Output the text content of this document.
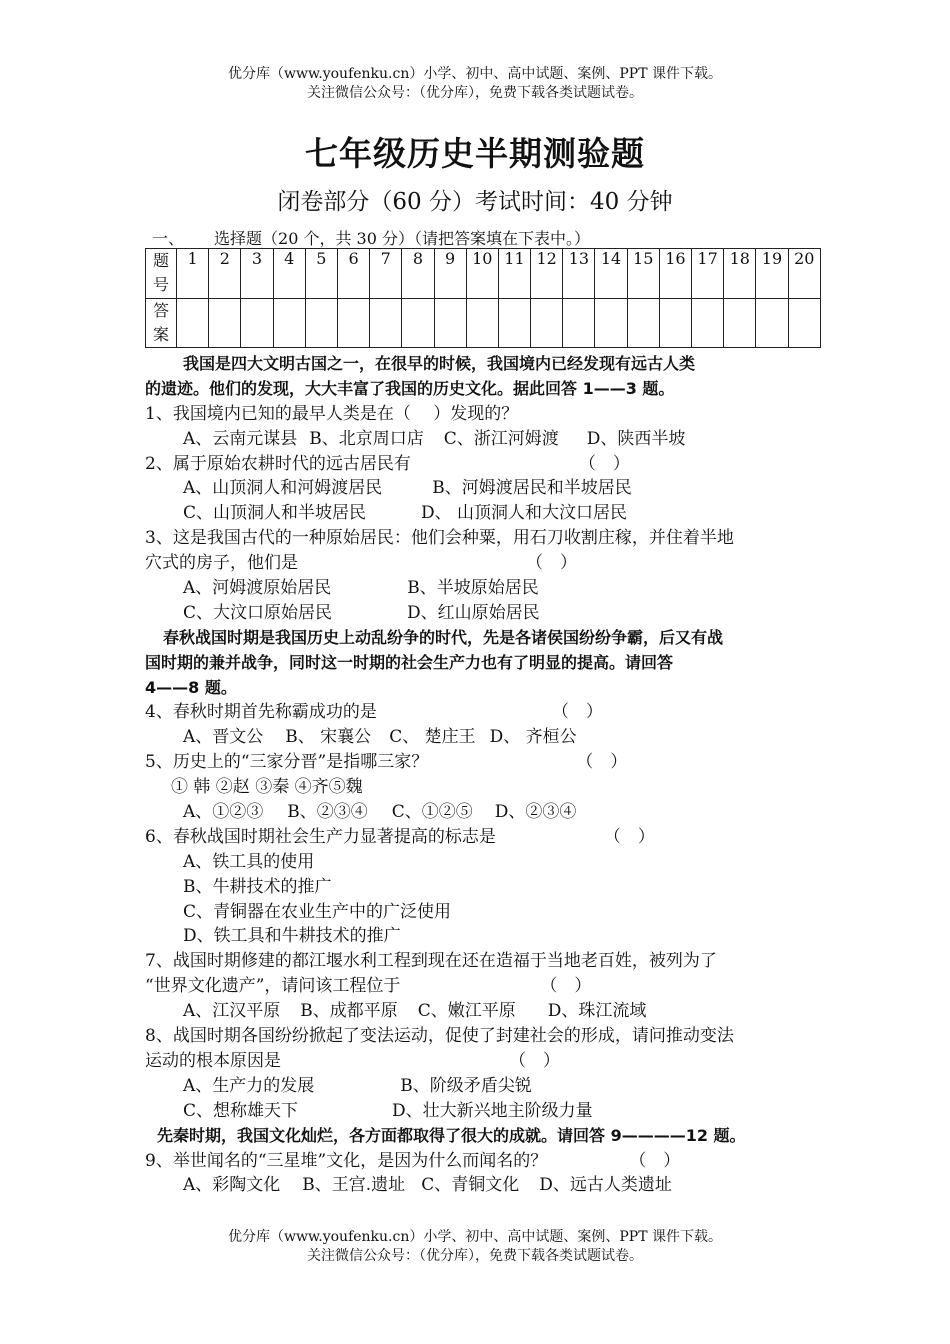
优分库（www.youfenku.cn）小学、初中、高中试题、案例、PPT 课件下载。
关注微信公众号：（优分库），免费下载各类试题试卷。
七年级历史半期测验题
闭卷部分（60 分）考试时间：40 分钟
一、 选择题（20 个，共 30 分）（请把答案填在下表中。）
题
号	1	2	3	4	5	6	7	8	9	10	11	12	13	14	15	16	17	18	19	20

答
案																				

我国是四大文明古国之一，在很早的时候，我国境内已经发现有远古人类
的遗迹。他们的发现，大大丰富了我国的历史文化。据此回答 1——3 题。
1、我国境内已知的最早人类是在（　 ）发现的？
A、云南元谋县 B、北京周口店 C、浙江河姆渡 D、陕西半坡
2、属于原始农耕时代的远古居民有	（　）
A、山顶洞人和河姆渡居民	B、河姆渡居民和半坡居民
C、山顶洞人和半坡居民	D、 山顶洞人和大汶口居民
3、这是我国古代的一种原始居民：他们会种粟，用石刀收割庄稼，并住着半地
穴式的房子，他们是	（　）
A、河姆渡原始居民	B、半坡原始居民
C、大汶口原始居民	D、红山原始居民
春秋战国时期是我国历史上动乱纷争的时代，先是各诸侯国纷纷争霸，后又有战
国时期的兼并战争，同时这一时期的社会生产力也有了明显的提高。请回答
4——8 题。
4、春秋时期首先称霸成功的是	（　）
A、晋文公 B、 宋襄公 C、 楚庄王 D、 齐桓公
5、历史上的“三家分晋”是指哪三家？	（　）
① 韩 ②赵 ③秦 ④齐⑤魏
A、①②③ B、②③④ C、①②⑤ D、②③④
6、春秋战国时期社会生产力显著提高的标志是	（　）
A、铁工具的使用
B、牛耕技术的推广
C、青铜器在农业生产中的广泛使用
D、铁工具和牛耕技术的推广
7、战国时期修建的都江堰水利工程到现在还在造福于当地老百姓，被列为了
“世界文化遗产”，请问该工程位于	（　）
A、江汉平原 B、成都平原 C、嫩江平原 D、珠江流域
8、战国时期各国纷纷掀起了变法运动，促使了封建社会的形成，请问推动变法
运动的根本原因是	（　）
A、生产力的发展	B、阶级矛盾尖锐
C、想称雄天下	D、壮大新兴地主阶级力量
先秦时期，我国文化灿烂，各方面都取得了很大的成就。请回答 9————12 题。
9、举世闻名的“三星堆”文化，是因为什么而闻名的？	（　）
A、彩陶文化 B、王宫.遗址 C、青铜文化 D、远古人类遗址
优分库（www.youfenku.cn）小学、初中、高中试题、案例、PPT 课件下载。
关注微信公众号：（优分库），免费下载各类试题试卷。
